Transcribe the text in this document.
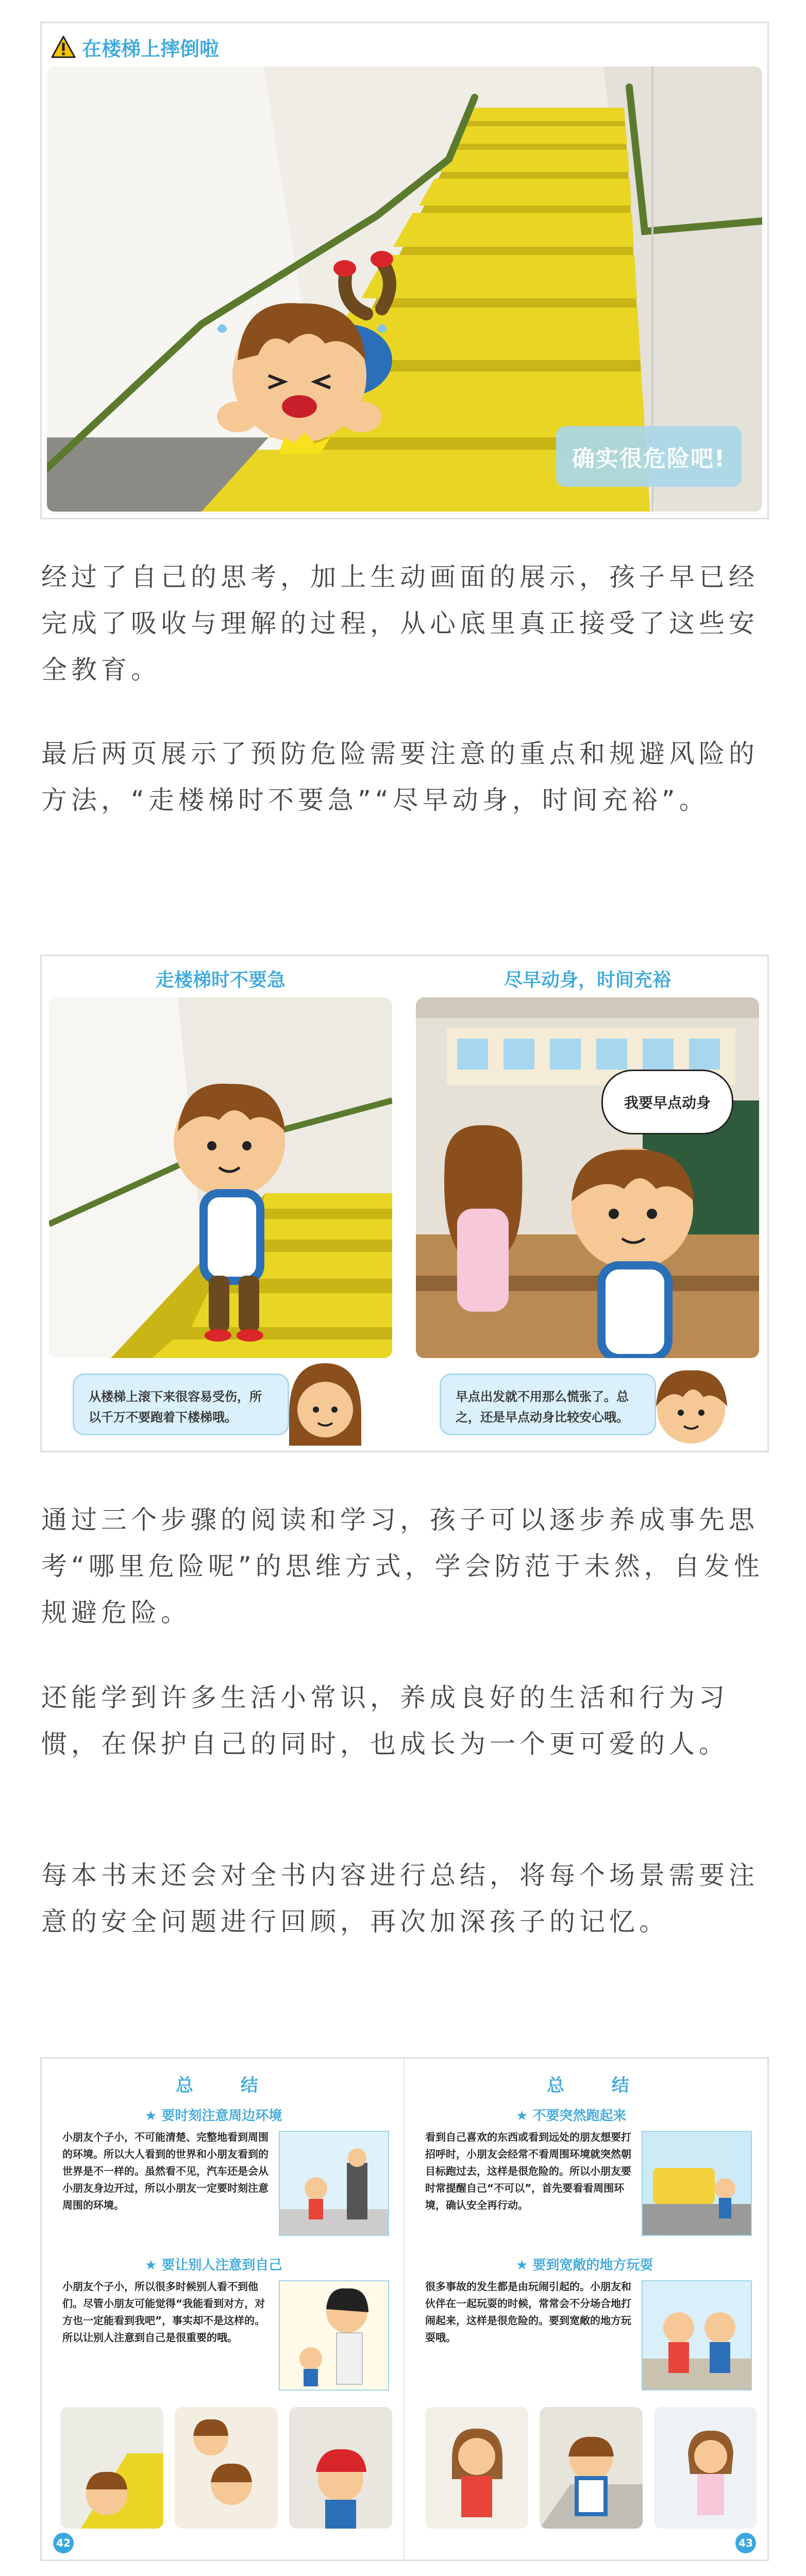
在楼梯上摔倒啦
确实很危险吧!

经过了自己的思考，加上生动画面的展示，孩子早已经完成了吸收与理解的过程，从心底里真正接受了这些安全教育。

最后两页展示了预防危险需要注意的重点和规避风险的方法，“走楼梯时不要急”“尽早动身，时间充裕”。

走楼梯时不要急	尽早动身，时间充裕
我要早点动身
从楼梯上滚下来很容易受伤，所以千万不要跑着下楼梯哦。
早点出发就不用那么慌张了。总之，还是早点动身比较安心哦。

通过三个步骤的阅读和学习，孩子可以逐步养成事先思考“哪里危险呢”的思维方式，学会防范于未然，自发性规避危险。

还能学到许多生活小常识，养成良好的生活和行为习惯，在保护自己的同时，也成长为一个更可爱的人。

每本书末还会对全书内容进行总结，将每个场景需要注意的安全问题进行回顾，再次加深孩子的记忆。

总 结	总 结
★ 要时刻注意周边环境
小朋友个子小，不可能清楚、完整地看到周围的环境。所以大人看到的世界和小朋友看到的世界是不一样的。虽然看不见，汽车还是会从小朋友身边开过，所以小朋友一定要时刻注意周围的环境。
★ 不要突然跑起来
看到自己喜欢的东西或看到远处的朋友想要打招呼时，小朋友会经常不看周围环境就突然朝目标跑过去，这样是很危险的。所以小朋友要时常提醒自己“不可以”，首先要看看周围环境，确认安全再行动。
★ 要让别人注意到自己
小朋友个子小，所以很多时候别人看不到他们。尽管小朋友可能觉得“我能看到对方，对方也一定能看到我吧”，事实却不是这样的。所以让别人注意到自己是很重要的哦。
★ 要到宽敞的地方玩耍
很多事故的发生都是由玩闹引起的。小朋友和伙伴在一起玩耍的时候，常常会不分场合地打闹起来，这样是很危险的。要到宽敞的地方玩耍哦。
42	43
